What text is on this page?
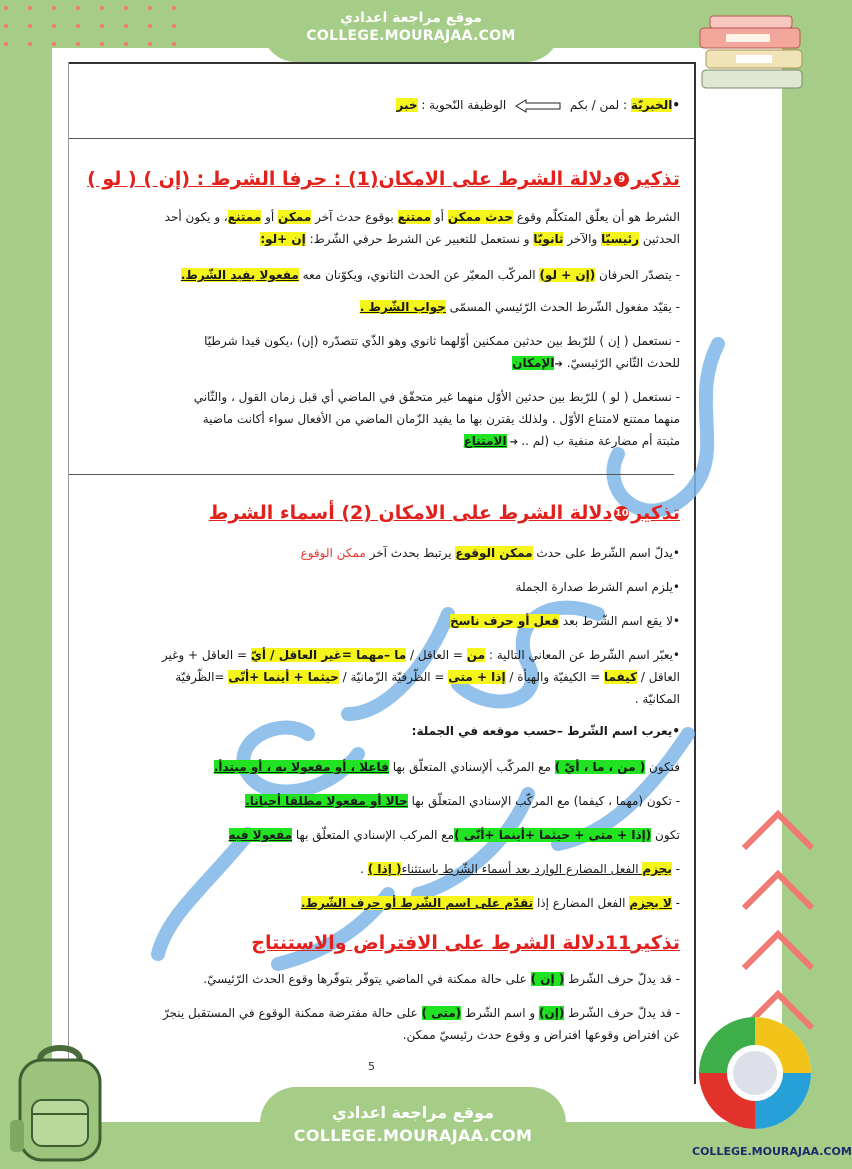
موقع مراجعة اعدادي
COLLEGE.MOURAJAA.COM
•الخبريّة : لمن / بكم  الوظيفة النّحوية : خبر
تذكير9دلالة الشرط على الامكان(1) : حرفا الشرط : (إن ) ( لو )
الشرط هو أن يعلّق المتكلّم وقوع حدث ممكن أو ممتنع بوقوع حدث آخر ممكن أو ممتنع، و يكون أحد
الحدثين رئيسيّا والآخر ثانويّا و نستعمل للتعبير عن الشرط حرفي الشّرط: إن +لو:
- يتصدّر الحرفان (إن + لو) المركّب المعبّر عن الحدث الثانوي، ويكوّنان معه مفعولا يفيد الشّرط.
- يقيّد مفعول الشّرط الحدث الرّئيسي المسمّى جواب الشّرط .
- نستعمل ( إن ) للرّبط بين حدثين ممكنين أوّلهما ثانوي وهو الذّي تتصدّره (إن) ،يكون قيدا شرطيّا
للحدث الثّاني الرّئيسيّ. ➔الإمكان
- نستعمل ( لو ) للرّبط بين حدثين الأوّل منهما غير متحقّق في الماضي أي قبل زمان القول ، والثّاني
منهما ممتنع لامتناع الأوّل . ولذلك يقترن بها ما يفيد الزّمان الماضي من الأفعال سواء أكانت ماضية
مثبتة أم مضارعة منفية ب (لم .. ➔ الامتناع
تذكير10دلالة الشرط على الامكان (2) أسماء الشرط
•يدلّ اسم الشّرط على حدث ممكن الوقوع يرتبط بحدث آخر ممكن الوقوع
•يلزم اسم الشرط صدارة الجملة
•لا يقع اسم الشّرط بعد فعل أو حرف ناسخ
•يعبّر اسم الشّرط عن المعاني التالية : من = العاقل / ما –مهما =غير العاقل / أيّ = العاقل + وغير
العاقل / كيفما = الكيفيّة والهيأة / إذا + متى = الظّرفيّة الزّمانيّة / حيثما + أينما +أنّى =الظّرفيّة
المكانيّة .
•يعرب اسم الشّرط –حسب موقعه في الجملة:
فتكون ( من ، ما ، أيّ ) مع المركّب ألإسنادي المتعلّق بها فاعلا ، أو مفعولا به ، أو مبتدأ.
- تكون (مهما ، كيفما) مع المركّب الإسنادي المتعلّق بها حالا أو مفعولا مطلقا أحيانا.
تكون (إذا + متى + حيثما +أينما +أنّى )مع المركب الإسنادي المتعلّق بها مفعولا فيه
- يجزم الفعل المضارع الوارد بعد أسماء الشّرط باستثناء( إذا ) .
- لا يجزم الفعل المضارع إذا تقدّم على اسم الشّرط أو حرف الشّرط.
تذكير11دلالة الشرط على الافتراض والاستنتاج
- قد يدلّ حرف الشّرط ( إن ) على حالة ممكنة في الماضي يتوفّر بتوفّرها وقوع الحدث الرّئيسيّ.
- قد يدلّ حرف الشّرط (إن) و اسم الشّرط (متى ) على حالة مفترضة ممكنة الوقوع في المستقبل ينجرّ
عن افتراض وقوعها افتراض و وقوع حدث رئيسيّ ممكن.
5
موقع مراجعة اعدادي
COLLEGE.MOURAJAA.COM
COLLEGE.MOURAJAA.COM
